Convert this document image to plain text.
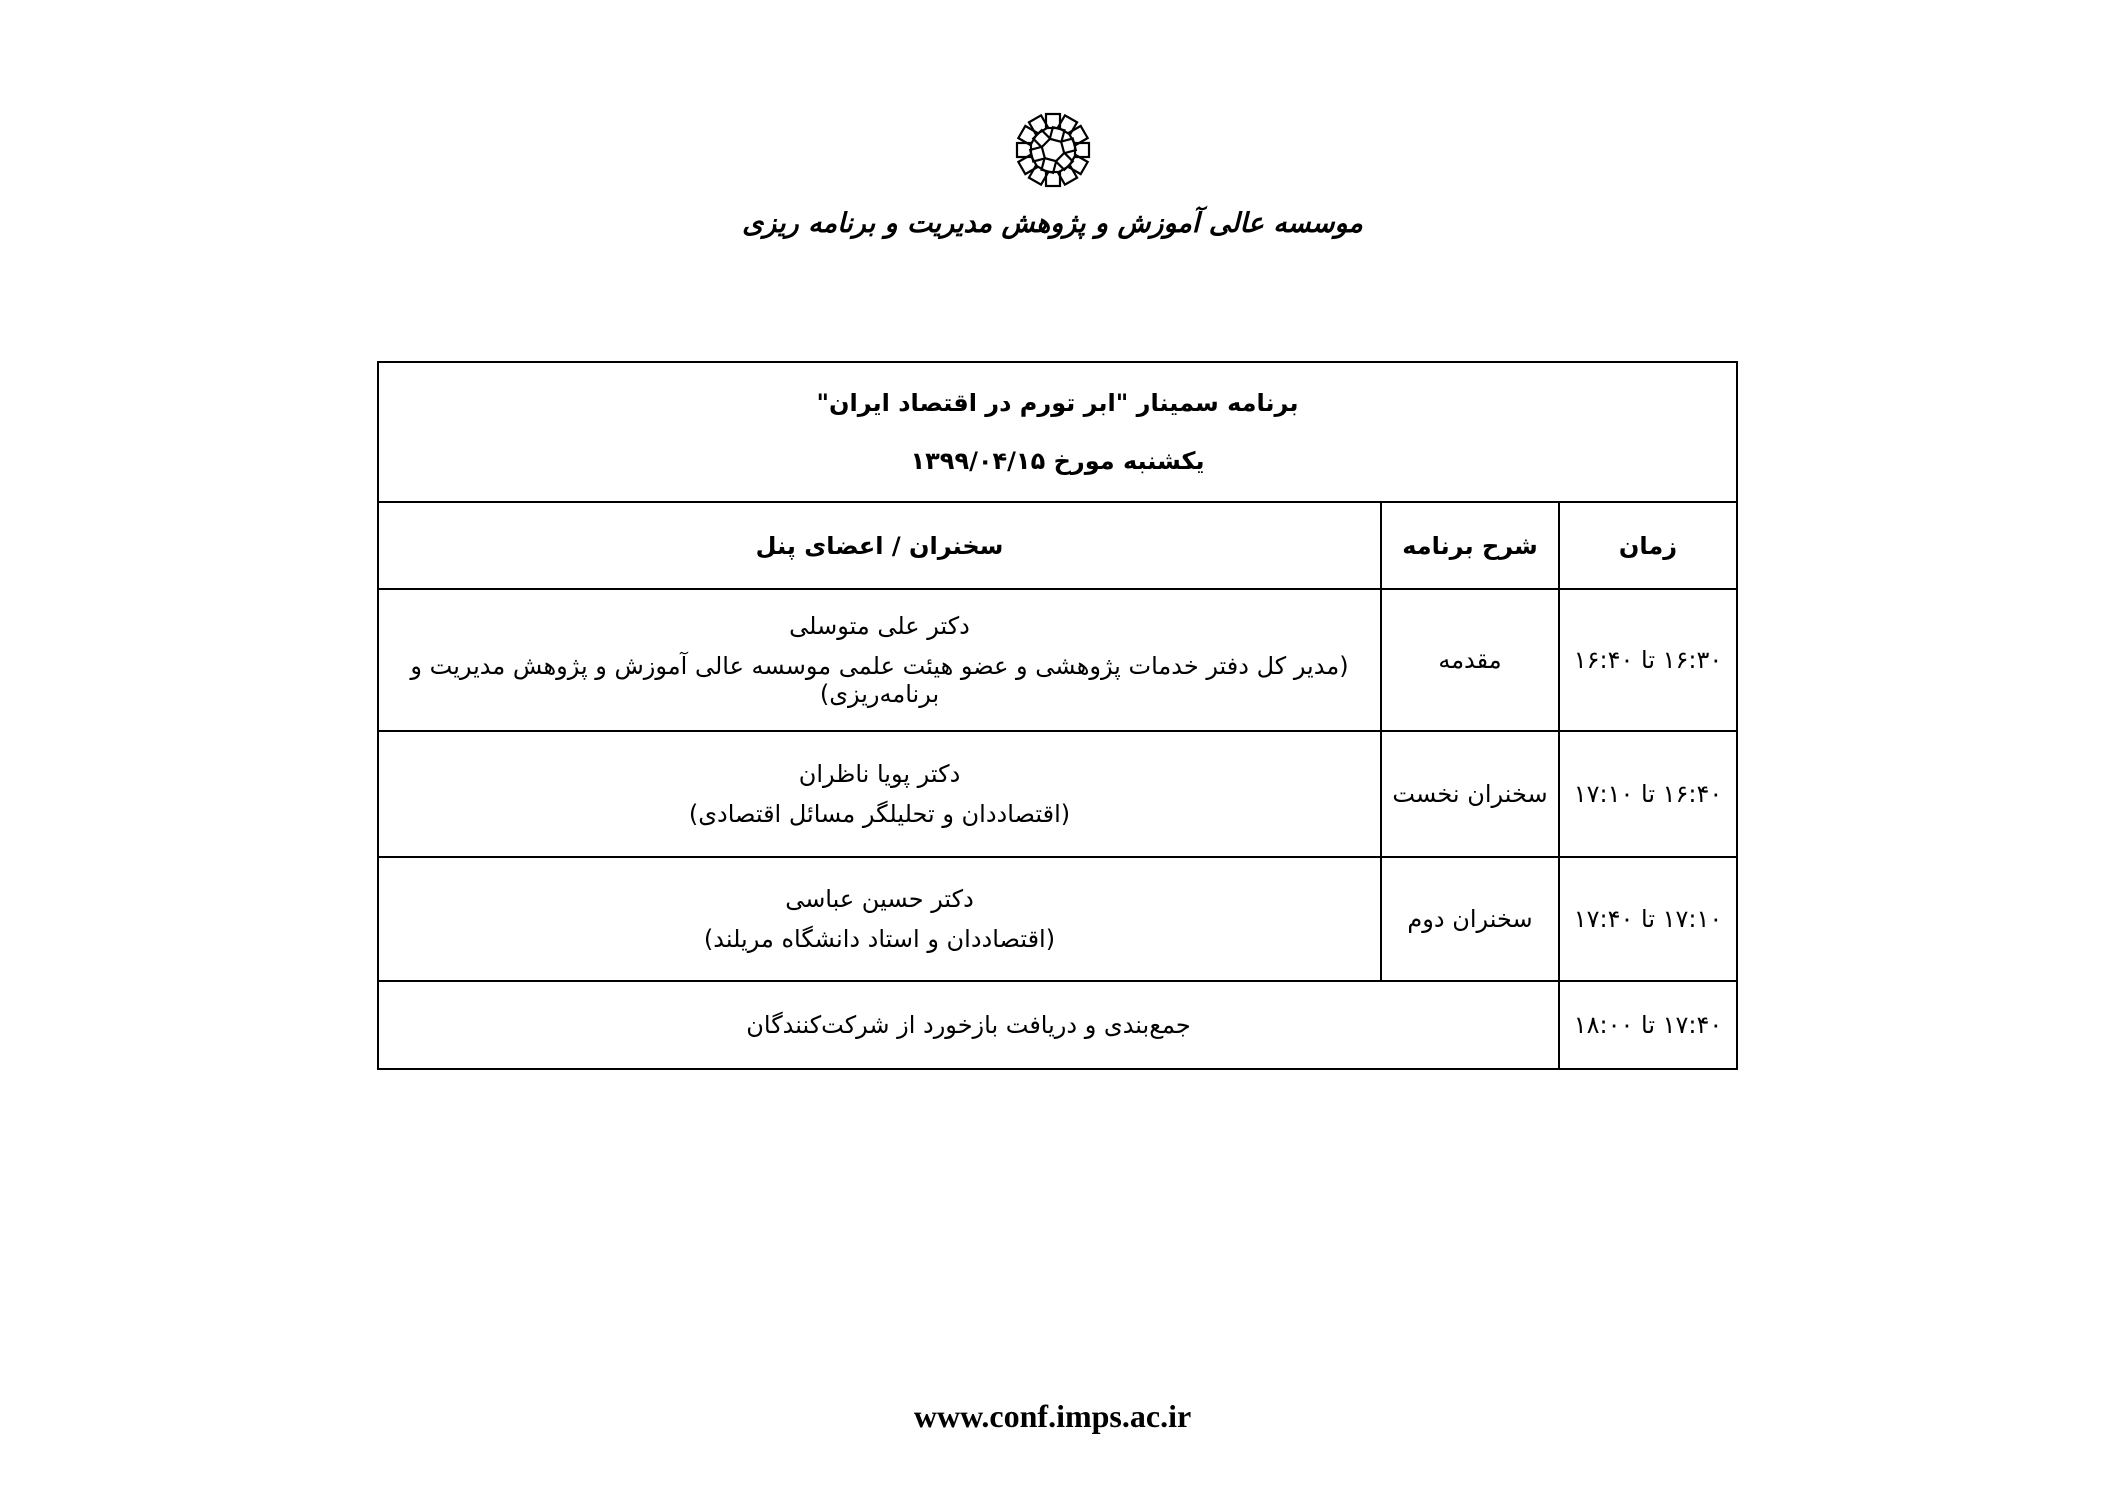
موسسه عالی آموزش و پژوهش مدیریت و برنامه ریزی
برنامه سمینار "ابر تورم در اقتصاد ایران"
یکشنبه مورخ ۱۳۹۹/۰۴/۱۵		
زمان	شرح برنامه	سخنران / اعضای پنل
۱۶:۳۰ تا ۱۶:۴۰	مقدمه	دکتر علی متوسلی
(مدیر کل دفتر خدمات پژوهشی و عضو هیئت علمی موسسه عالی آموزش و پژوهش مدیریت و برنامه‌ریزی)

۱۶:۴۰ تا ۱۷:۱۰	سخنران نخست	دکتر پویا ناظران
(اقتصاددان و تحلیلگر مسائل اقتصادی)

۱۷:۱۰ تا ۱۷:۴۰	سخنران دوم	دکتر حسین عباسی
(اقتصاددان و استاد دانشگاه مریلند)

۱۷:۴۰ تا ۱۸:۰۰	جمع‌بندی و دریافت بازخورد از شرکت‌کنندگان	
www.conf.imps.ac.ir
